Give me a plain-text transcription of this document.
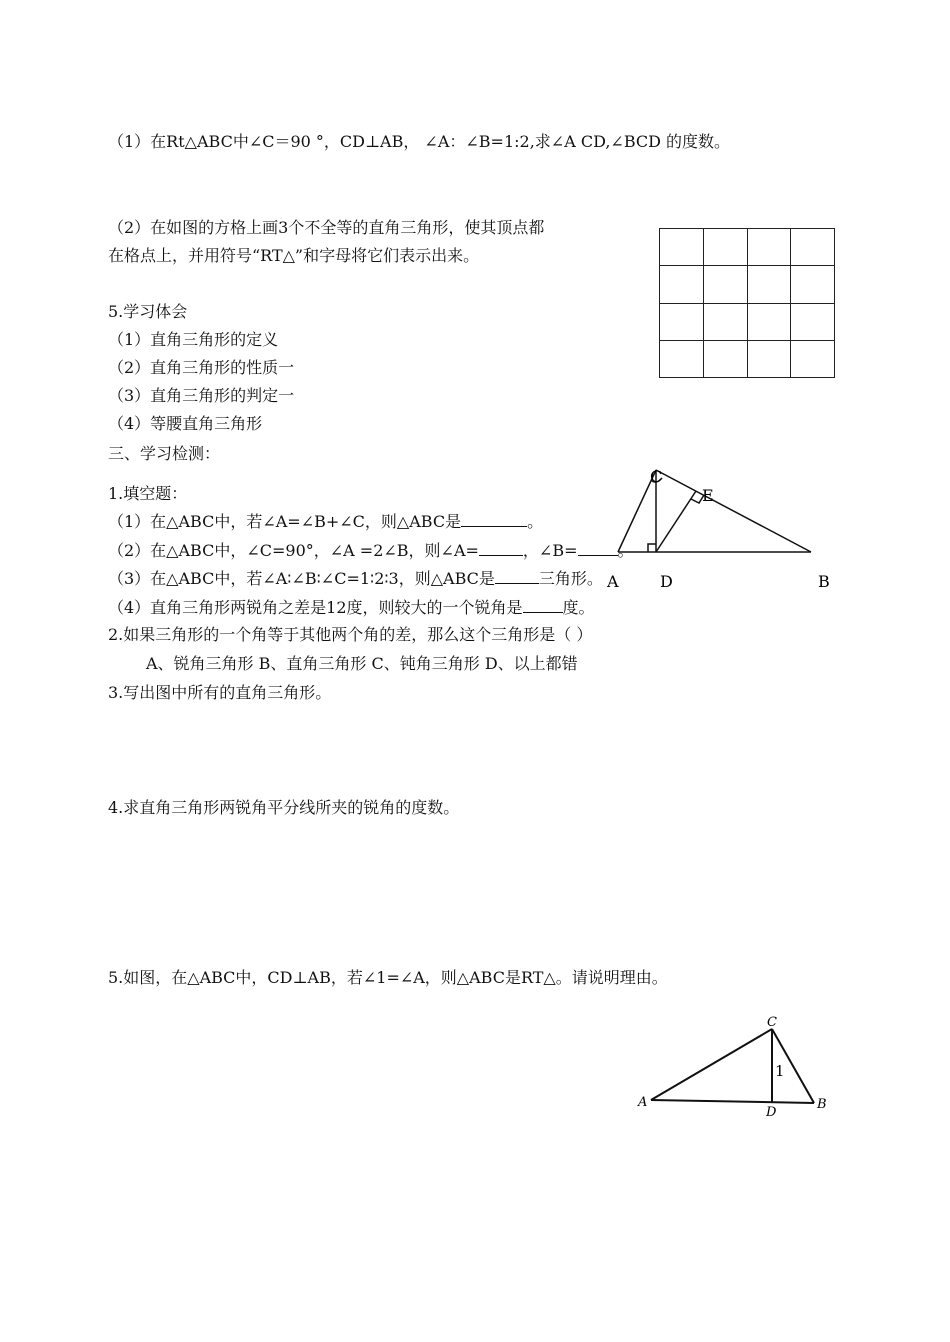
（1）在Rt△ABC中∠C＝90 °，CD⊥AB， ∠A：∠B=1:2,求∠A CD,∠BCD 的度数。
（2）在如图的方格上画3个不全等的直角三角形，使其顶点都
在格点上，并用符号“RT△”和字母将它们表示出来。

5.学习体会
（1）直角三角形的定义
（2）直角三角形的性质一
（3）直角三角形的判定一
（4）等腰直角三角形
三、学习检测：
1.填空题：
（1）在△ABC中，若∠A=∠B+∠C，则△ABC是	。
（2）在△ABC中，∠C=90°，∠A =2∠B，则∠A=	，∠B=	。
（3）在△ABC中，若∠A∶∠B∶∠C=1∶2∶3，则△ABC是	三角形。
（4）直角三角形两锐角之差是12度，则较大的一个锐角是	度。
2.如果三角形的一个角等于其他两个角的差，那么这个三角形是（ ）
A、锐角三角形 B、直角三角形 C、钝角三角形 D、以上都错
3.写出图中所有的直角三角形。
4.求直角三角形两锐角平分线所夹的锐角的度数。
5.如图，在△ABC中，CD⊥AB，若∠1=∠A，则△ABC是RT△。请说明理由。
C
E
A	D	B
C
A
D
B
1
